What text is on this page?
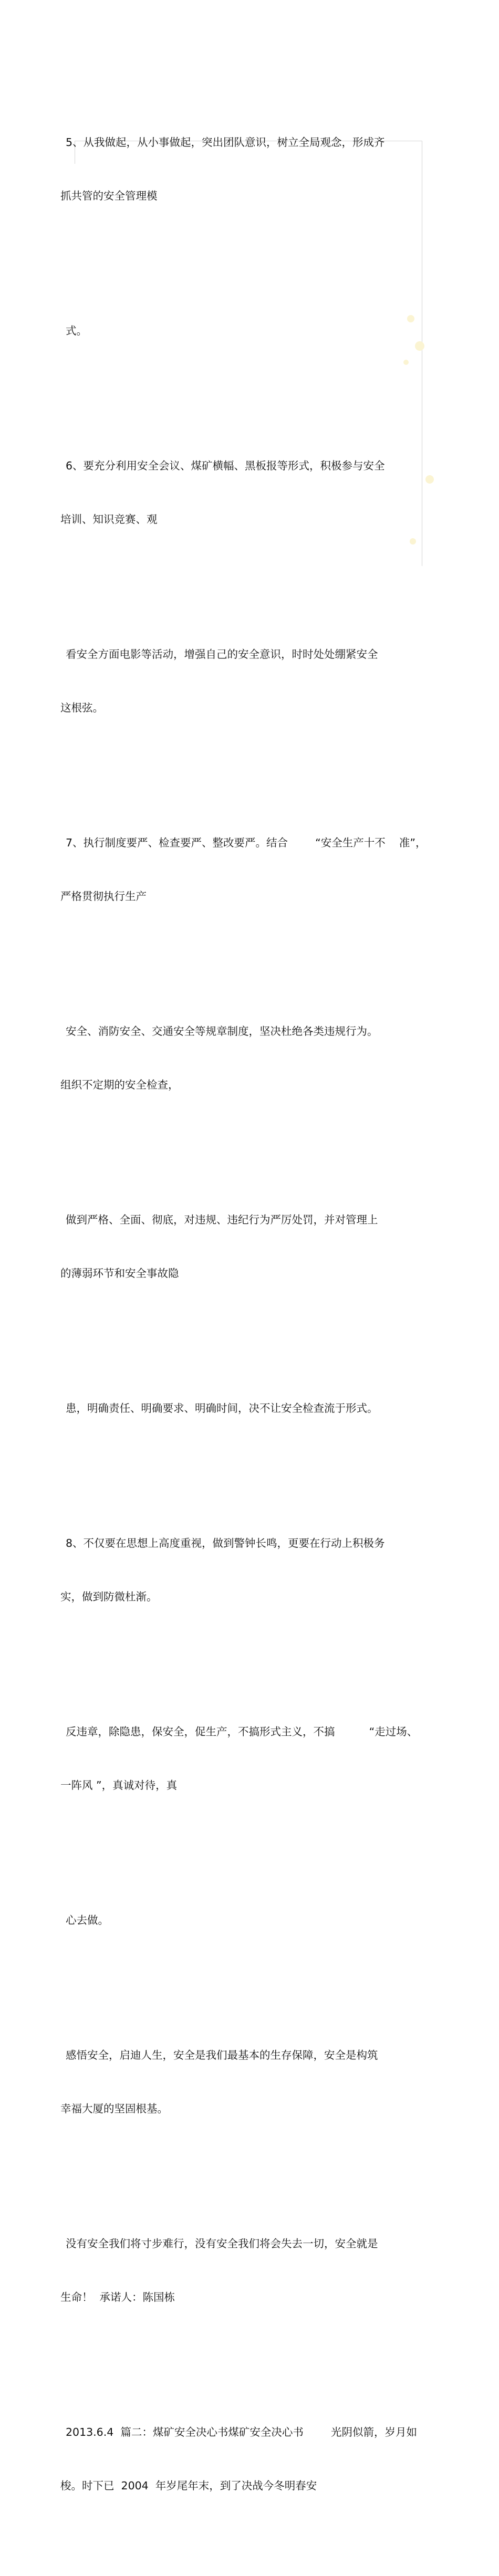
5、从我做起，从小事做起，突出团队意识，树立全局观念，形成齐

抓共管的安全管理模

式。

6、要充分利用安全会议、煤矿横幅、黑板报等形式，积极参与安全

培训、知识竞赛、观

看安全方面电影等活动，增强自己的安全意识，时时处处绷紧安全

这根弦。

7、执行制度要严、检查要严、整改要严。结合        “安全生产十不    准”，

严格贯彻执行生产

安全、消防安全、交通安全等规章制度，坚决杜绝各类违规行为。

组织不定期的安全检查，

做到严格、全面、彻底，对违规、违纪行为严厉处罚，并对管理上

的薄弱环节和安全事故隐

患，明确责任、明确要求、明确时间，决不让安全检查流于形式。

8、不仅要在思想上高度重视，做到警钟长鸣，更要在行动上积极务

实，做到防微杜渐。

反违章，除隐患，保安全，促生产，不搞形式主义，不搞          “走过场、

一阵风 ”，真诚对待，真

心去做。

感悟安全，启迪人生，安全是我们最基本的生存保障，安全是构筑

幸福大厦的坚固根基。

没有安全我们将寸步难行，没有安全我们将会失去一切，安全就是

生命！  承诺人：陈国栋

2013.6.4  篇二：煤矿安全决心书煤矿安全决心书        光阴似箭，岁月如

梭。时下已  2004  年岁尾年末，到了决战今冬明春安
